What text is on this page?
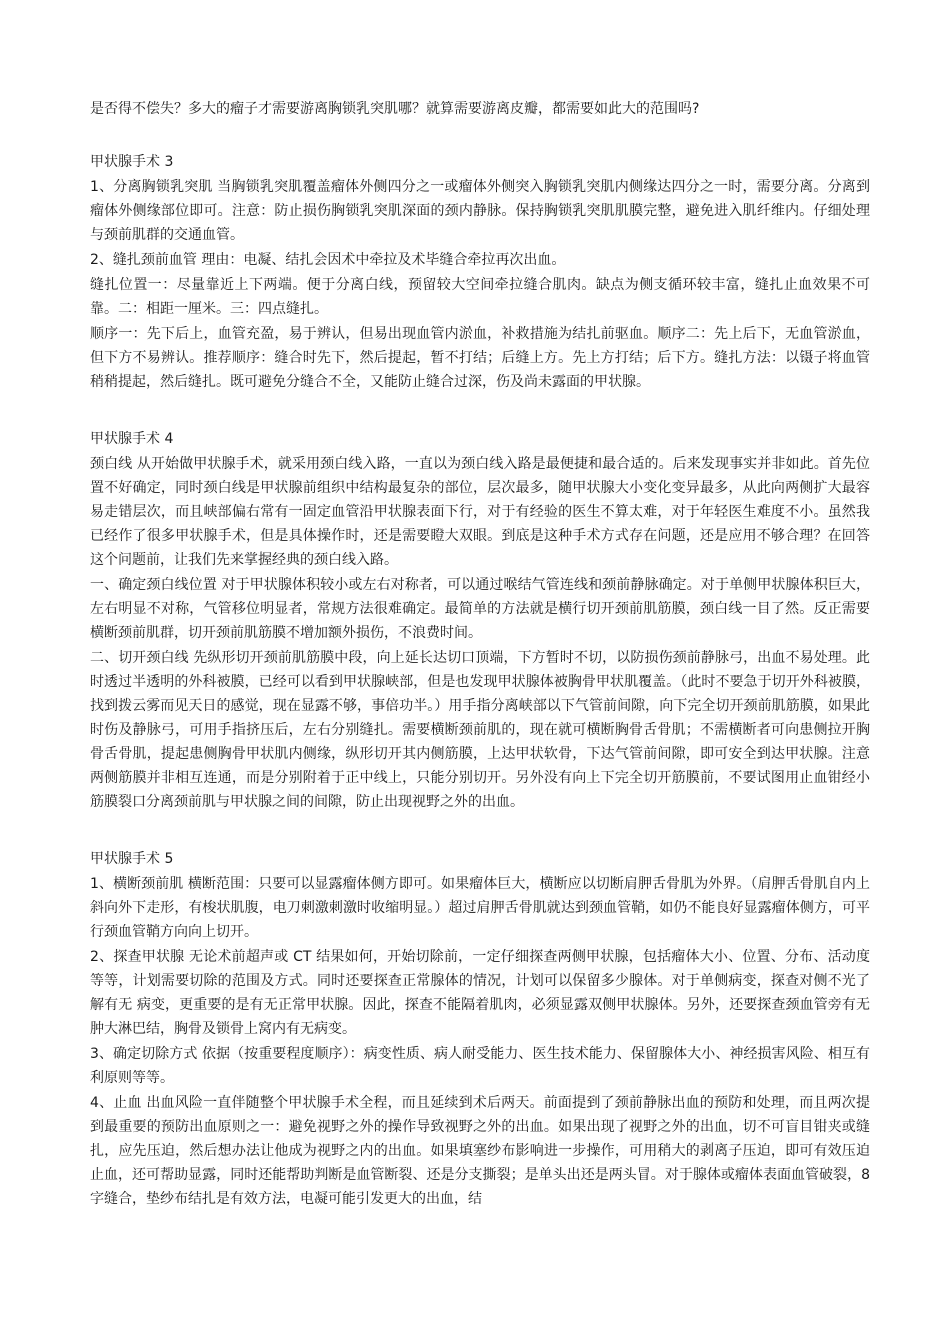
是否得不偿失？多大的瘤子才需要游离胸锁乳突肌哪？就算需要游离皮瓣，都需要如此大的范围吗?
甲状腺手术 3

1、分离胸锁乳突肌 当胸锁乳突肌覆盖瘤体外侧四分之一或瘤体外侧突入胸锁乳突肌内侧缘达四分之一时，需要分离。分离到瘤体外侧缘部位即可。注意：防止损伤胸锁乳突肌深面的颈内静脉。保持胸锁乳突肌肌膜完整，避免进入肌纤维内。仔细处理与颈前肌群的交通血管。

2、缝扎颈前血管 理由：电凝、结扎会因术中牵拉及术毕缝合牵拉再次出血。

缝扎位置一：尽量靠近上下两端。便于分离白线，预留较大空间牵拉缝合肌肉。缺点为侧支循环较丰富，缝扎止血效果不可靠。二：相距一厘米。三：四点缝扎。

顺序一：先下后上，血管充盈，易于辨认，但易出现血管内淤血，补救措施为结扎前驱血。顺序二：先上后下，无血管淤血，但下方不易辨认。推荐顺序：缝合时先下，然后提起，暂不打结；后缝上方。先上方打结；后下方。缝扎方法：以镊子将血管稍稍提起，然后缝扎。既可避免分缝合不全，又能防止缝合过深，伤及尚未露面的甲状腺。

甲状腺手术 4

颈白线 从开始做甲状腺手术，就采用颈白线入路，一直以为颈白线入路是最便捷和最合适的。后来发现事实并非如此。首先位置不好确定，同时颈白线是甲状腺前组织中结构最复杂的部位，层次最多，随甲状腺大小变化变异最多，从此向两侧扩大最容易走错层次，而且峡部偏右常有一固定血管沿甲状腺表面下行，对于有经验的医生不算太难，对于年轻医生难度不小。虽然我已经作了很多甲状腺手术，但是具体操作时，还是需要瞪大双眼。到底是这种手术方式存在问题，还是应用不够合理？在回答这个问题前，让我们先来掌握经典的颈白线入路。

一、确定颈白线位置 对于甲状腺体积较小或左右对称者，可以通过喉结气管连线和颈前静脉确定。对于单侧甲状腺体积巨大，左右明显不对称，气管移位明显者，常规方法很难确定。最简单的方法就是横行切开颈前肌筋膜，颈白线一目了然。反正需要横断颈前肌群，切开颈前肌筋膜不增加额外损伤，不浪费时间。

二、切开颈白线 先纵形切开颈前肌筋膜中段，向上延长达切口顶端，下方暂时不切，以防损伤颈前静脉弓，出血不易处理。此时透过半透明的外科被膜，已经可以看到甲状腺峡部，但是也发现甲状腺体被胸骨甲状肌覆盖。（此时不要急于切开外科被膜，找到拨云雾而见天日的感觉，现在显露不够，事倍功半。）用手指分离峡部以下气管前间隙，向下完全切开颈前肌筋膜，如果此时伤及静脉弓，可用手指挤压后，左右分别缝扎。需要横断颈前肌的，现在就可横断胸骨舌骨肌；不需横断者可向患侧拉开胸骨舌骨肌，提起患侧胸骨甲状肌内侧缘，纵形切开其内侧筋膜，上达甲状软骨，下达气管前间隙，即可安全到达甲状腺。注意两侧筋膜并非相互连通，而是分别附着于正中线上，只能分别切开。另外没有向上下完全切开筋膜前，不要试图用止血钳经小筋膜裂口分离颈前肌与甲状腺之间的间隙，防止出现视野之外的出血。

甲状腺手术 5

1、横断颈前肌 横断范围：只要可以显露瘤体侧方即可。如果瘤体巨大，横断应以切断肩胛舌骨肌为外界。（肩胛舌骨肌自内上斜向外下走形，有梭状肌腹，电刀刺激刺激时收缩明显。）超过肩胛舌骨肌就达到颈血管鞘，如仍不能良好显露瘤体侧方，可平行颈血管鞘方向向上切开。

2、探查甲状腺 无论术前超声或 CT 结果如何，开始切除前，一定仔细探查两侧甲状腺，包括瘤体大小、位置、分布、活动度等等，计划需要切除的范围及方式。同时还要探查正常腺体的情况，计划可以保留多少腺体。对于单侧病变，探查对侧不光了解有无 病变，更重要的是有无正常甲状腺。因此，探查不能隔着肌肉，必须显露双侧甲状腺体。另外，还要探查颈血管旁有无肿大淋巴结，胸骨及锁骨上窝内有无病变。

3、确定切除方式 依据（按重要程度顺序）：病变性质、病人耐受能力、医生技术能力、保留腺体大小、神经损害风险、相互有利原则等等。

4、止血 出血风险一直伴随整个甲状腺手术全程，而且延续到术后两天。前面提到了颈前静脉出血的预防和处理，而且两次提到最重要的预防出血原则之一：避免视野之外的操作导致视野之外的出血。如果出现了视野之外的出血，切不可盲目钳夹或缝扎，应先压迫，然后想办法让他成为视野之内的出血。如果填塞纱布影响进一步操作，可用稍大的剥离子压迫，即可有效压迫止血，还可帮助显露，同时还能帮助判断是血管断裂、还是分支撕裂；是单头出还是两头冒。对于腺体或瘤体表面血管破裂，8 字缝合，垫纱布结扎是有效方法，电凝可能引发更大的出血，结
